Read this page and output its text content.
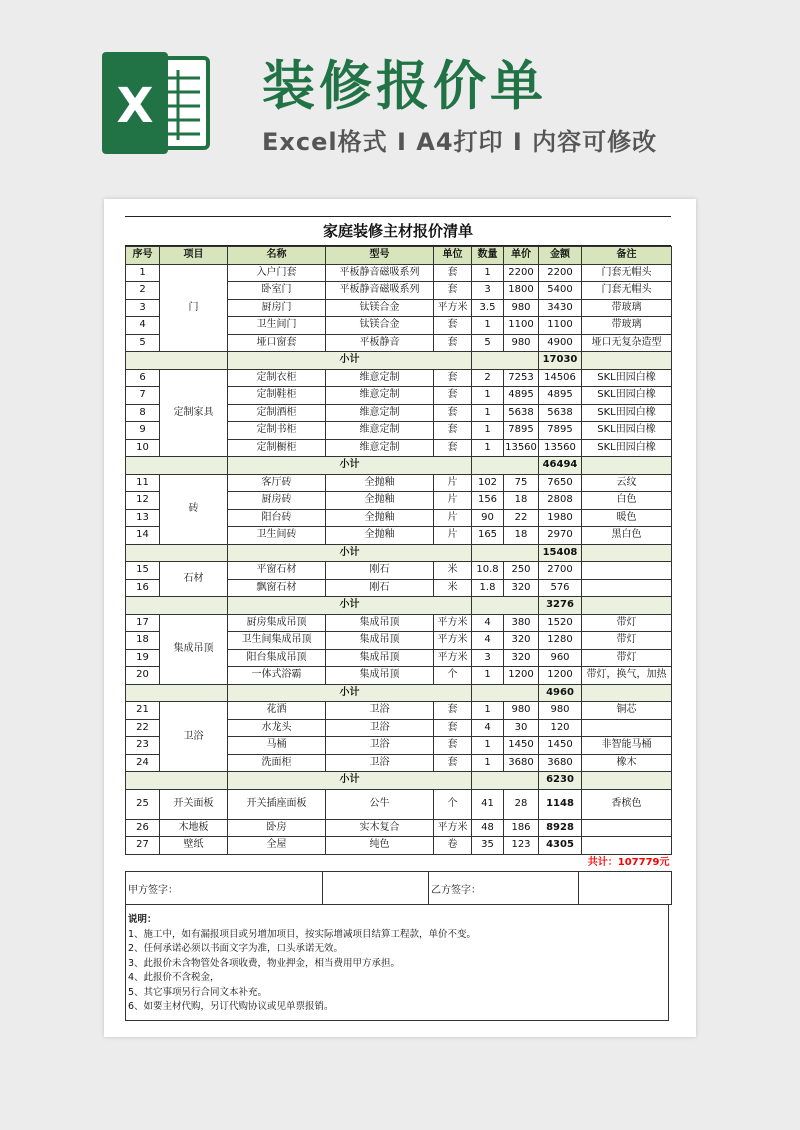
X 装修报价单
Excel格式 I A4打印 I 内容可修改
家庭装修主材报价清单
序号	项目	名称	型号	单位	数量	单价	金额	备注
1	门	入户门套	平板静音磁吸系列	套	1	2200	2200	门套无帽头
2		卧室门	平板静音磁吸系列	套	3	1800	5400	门套无帽头
3		厨房门	钛镁合金	平方米	3.5	980	3430	带玻璃
4		卫生间门	钛镁合金	套	1	1100	1100	带玻璃
5		垭口窗套	平板静音	套	5	980	4900	垭口无复杂造型
		小计					17030	
6	定制家具	定制衣柜	维意定制	套	2	7253	14506	SKL田园白橡
7		定制鞋柜	维意定制	套	1	4895	4895	SKL田园白橡
8		定制酒柜	维意定制	套	1	5638	5638	SKL田园白橡
9		定制书柜	维意定制	套	1	7895	7895	SKL田园白橡
10		定制橱柜	维意定制	套	1	13560	13560	SKL田园白橡
		小计					46494	
11	砖	客厅砖	全抛釉	片	102	75	7650	云纹
12		厨房砖	全抛釉	片	156	18	2808	白色
13		阳台砖	全抛釉	片	90	22	1980	暖色
14		卫生间砖	全抛釉	片	165	18	2970	黑白色
		小计					15408	
15	石材	平窗石材	刚石	米	10.8	250	2700	
16		飘窗石材	刚石	米	1.8	320	576	
		小计					3276	
17	集成吊顶	厨房集成吊顶	集成吊顶	平方米	4	380	1520	带灯
18		卫生间集成吊顶	集成吊顶	平方米	4	320	1280	带灯
19		阳台集成吊顶	集成吊顶	平方米	3	320	960	带灯
20		一体式浴霸	集成吊顶	个	1	1200	1200	带灯，换气，加热
		小计					4960	
21	卫浴	花洒	卫浴	套	1	980	980	铜芯
22		水龙头	卫浴	套	4	30	120	
23		马桶	卫浴	套	1	1450	1450	非智能马桶
24		洗面柜	卫浴	套	1	3680	3680	橡木
		小计					6230	
25	开关面板	开关插座面板	公牛	个	41	28	1148	香槟色
26	木地板	卧房	实木复合	平方米	48	186	8928	
27	壁纸	全屋	纯色	卷	35	123	4305	
						共计：107779元		
甲方签字：		乙方签字：	
说明：
1、施工中，如有漏报项目或另增加项目，按实际增减项目结算工程款，单价不变。
2、任何承诺必须以书面文字为准，口头承诺无效。
3、此报价未含物管处各项收费，物业押金，相当费用甲方承担。
4、此报价不含税金，
5、其它事项另行合同文本补充。
6、如要主材代购，另订代购协议或见单票报销。
